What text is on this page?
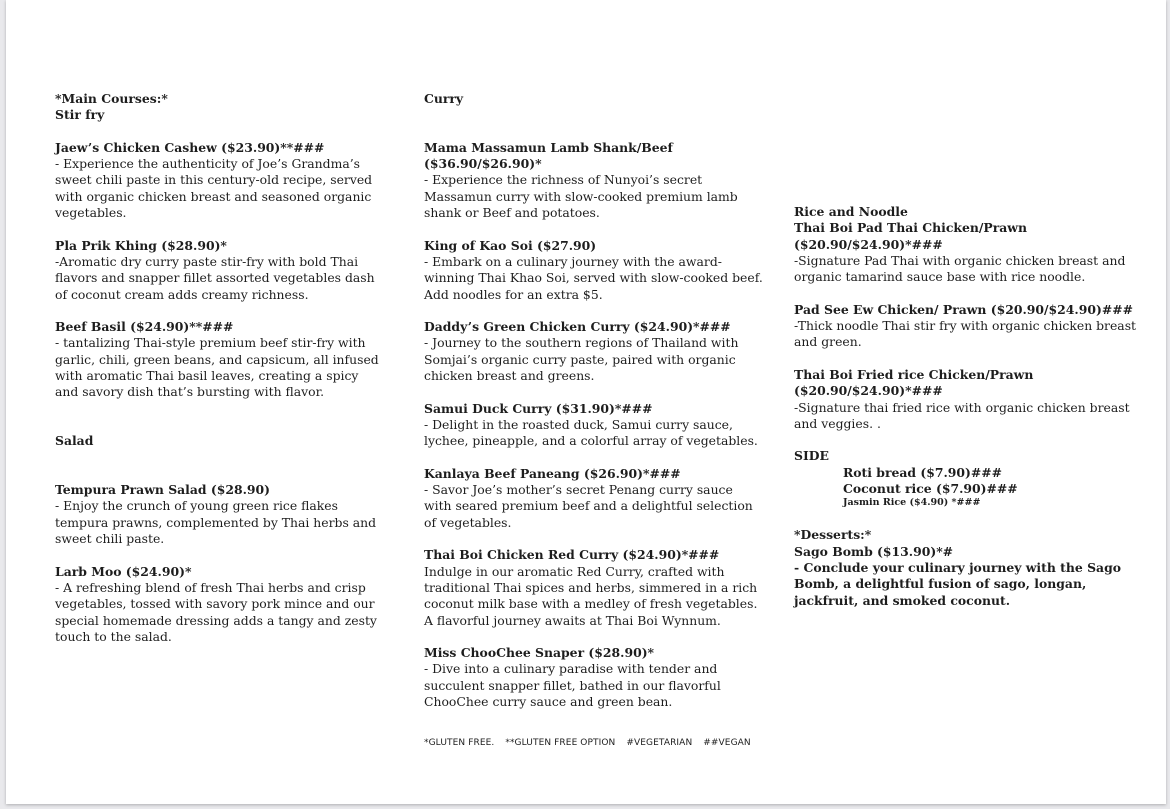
*Main Courses:*
Stir fry
Jaew’s Chicken Cashew ($23.90)**###
- Experience the authenticity of Joe’s Grandma’s sweet chili paste in this century-old recipe, served with organic chicken breast and seasoned organic vegetables.
Pla Prik Khing ($28.90)*
-Aromatic dry curry paste stir-fry with bold Thai flavors and snapper fillet assorted vegetables dash of coconut cream adds creamy richness.
Beef Basil ($24.90)**###
- tantalizing Thai-style premium beef stir-fry with garlic, chili, green beans, and capsicum, all infused with aromatic Thai basil leaves, creating a spicy and savory dish that’s bursting with flavor.
Salad
Tempura Prawn Salad ($28.90)
- Enjoy the crunch of young green rice flakes tempura prawns, complemented by Thai herbs and sweet chili paste.
Larb Moo ($24.90)*
- A refreshing blend of fresh Thai herbs and crisp vegetables, tossed with savory pork mince and our special homemade dressing adds a tangy and zesty touch to the salad.
Curry
Mama Massamun Lamb Shank/Beef ($36.90/$26.90)*
- Experience the richness of Nunyoi’s secret Massamun curry with slow-cooked premium lamb shank or Beef and potatoes.
King of Kao Soi ($27.90)
- Embark on a culinary journey with the award-winning Thai Khao Soi, served with slow-cooked beef. Add noodles for an extra $5.
Daddy’s Green Chicken Curry ($24.90)*###
- Journey to the southern regions of Thailand with Somjai’s organic curry paste, paired with organic chicken breast and greens.
Samui Duck Curry ($31.90)*###
- Delight in the roasted duck, Samui curry sauce, lychee, pineapple, and a colorful array of vegetables.
Kanlaya Beef Paneang ($26.90)*###
- Savor Joe’s mother’s secret Penang curry sauce with seared premium beef and a delightful selection of vegetables.
Thai Boi Chicken Red Curry ($24.90)*###
Indulge in our aromatic Red Curry, crafted with traditional Thai spices and herbs, simmered in a rich coconut milk base with a medley of fresh vegetables. A flavorful journey awaits at Thai Boi Wynnum.
Miss ChooChee Snaper ($28.90)*
- Dive into a culinary paradise with tender and succulent snapper fillet, bathed in our flavorful ChooChee curry sauce and green bean.
Rice and Noodle
Thai Boi Pad Thai Chicken/Prawn ($20.90/$24.90)*###
-Signature Pad Thai with organic chicken breast and organic tamarind sauce base with rice noodle.
Pad See Ew Chicken/ Prawn ($20.90/$24.90)###
-Thick noodle Thai stir fry with organic chicken breast and green.
Thai Boi Fried rice Chicken/Prawn ($20.90/$24.90)*###
-Signature thai fried rice with organic chicken breast and veggies. .
SIDE
Roti bread ($7.90)###
Coconut rice ($7.90)###
Jasmin Rice ($4.90) *###
*Desserts:*
Sago Bomb ($13.90)*#
- Conclude your culinary journey with the Sago Bomb, a delightful fusion of sago, longan, jackfruit, and smoked coconut.
*GLUTEN FREE. **GLUTEN FREE OPTION #VEGETARIAN ##VEGAN
